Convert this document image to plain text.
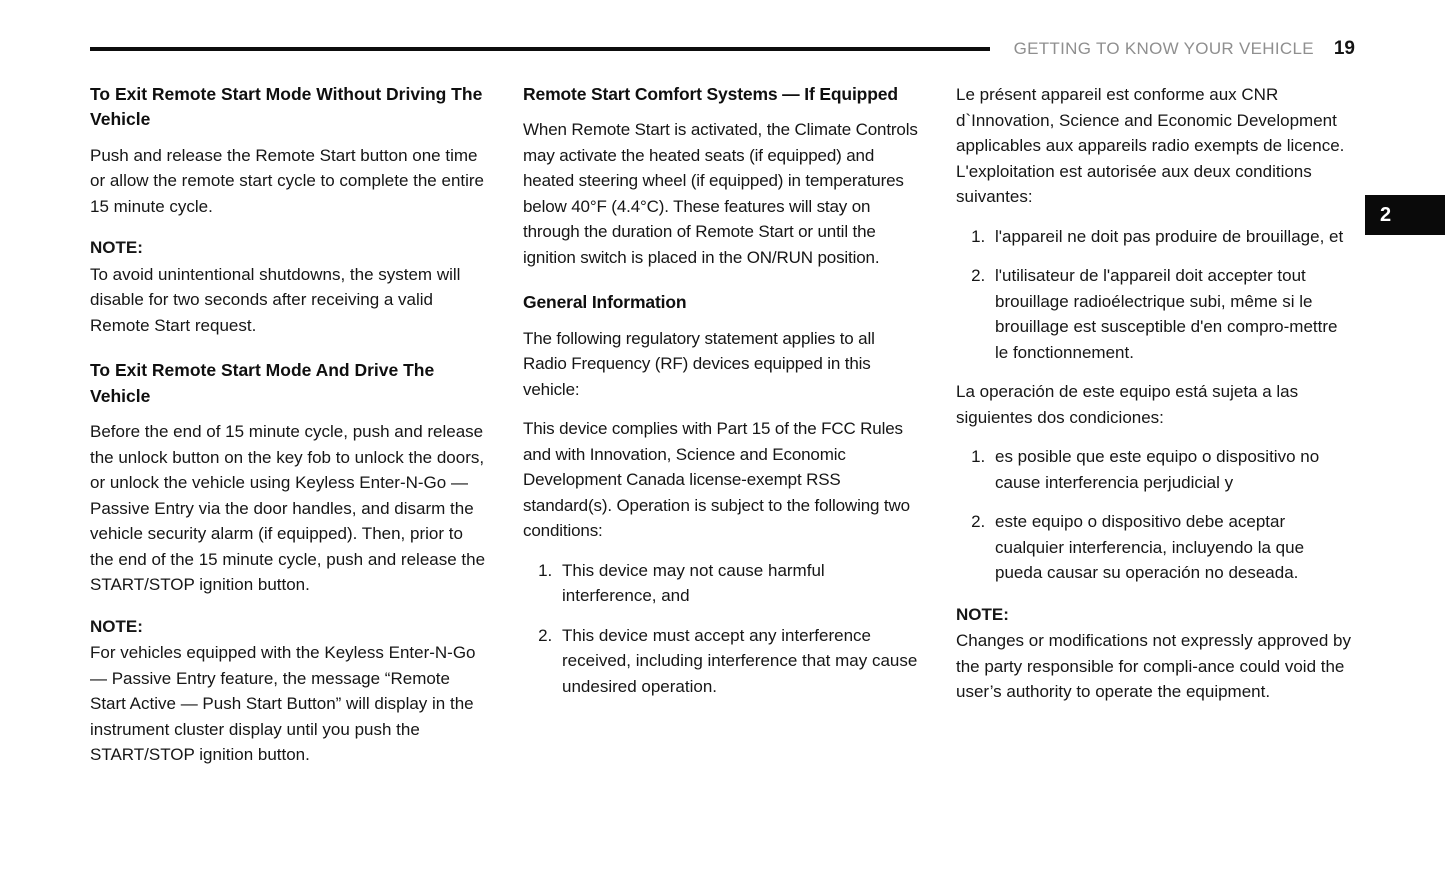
GETTING TO KNOW YOUR VEHICLE 19
2
To Exit Remote Start Mode Without Driving The Vehicle

Push and release the Remote Start button one time or allow the remote start cycle to complete the entire 15 minute cycle.

NOTE:

To avoid unintentional shutdowns, the system will disable for two seconds after receiving a valid Remote Start request.

To Exit Remote Start Mode And Drive The Vehicle

Before the end of 15 minute cycle, push and release the unlock button on the key fob to unlock the doors, or unlock the vehicle using Keyless Enter-N-Go — Passive Entry via the door handles, and disarm the vehicle security alarm (if equipped). Then, prior to the end of the 15 minute cycle, push and release the START/STOP ignition button.

NOTE:

For vehicles equipped with the Keyless Enter-N-Go — Passive Entry feature, the message “Remote Start Active — Push Start Button” will display in the instrument cluster display until you push the START/STOP ignition button.

Remote Start Comfort Systems — If Equipped

When Remote Start is activated, the Climate Controls may activate the heated seats (if equipped) and heated steering wheel (if equipped) in temperatures below 40°F (4.4°C). These features will stay on through the duration of Remote Start or until the ignition switch is placed in the ON/RUN position.

General Information

The following regulatory statement applies to all Radio Frequency (RF) devices equipped in this vehicle:

This device complies with Part 15 of the FCC Rules and with Innovation, Science and Economic Development Canada license-exempt RSS standard(s). Operation is subject to the following two conditions:

1. This device may not cause harmful interference, and
2. This device must accept any interference received, including interference that may cause undesired operation.

Le présent appareil est conforme aux CNR d`Innovation, Science and Economic Development applicables aux appareils radio exempts de licence. L'exploitation est autorisée aux deux conditions suivantes:

1. l'appareil ne doit pas produire de brouillage, et
2. l'utilisateur de l'appareil doit accepter tout brouillage radioélectrique subi, même si le brouillage est susceptible d'en compro-mettre le fonctionnement.

La operación de este equipo está sujeta a las siguientes dos condiciones:

1. es posible que este equipo o dispositivo no cause interferencia perjudicial y
2. este equipo o dispositivo debe aceptar cualquier interferencia, incluyendo la que pueda causar su operación no deseada.

NOTE:

Changes or modifications not expressly approved by the party responsible for compli-ance could void the user’s authority to operate the equipment.
